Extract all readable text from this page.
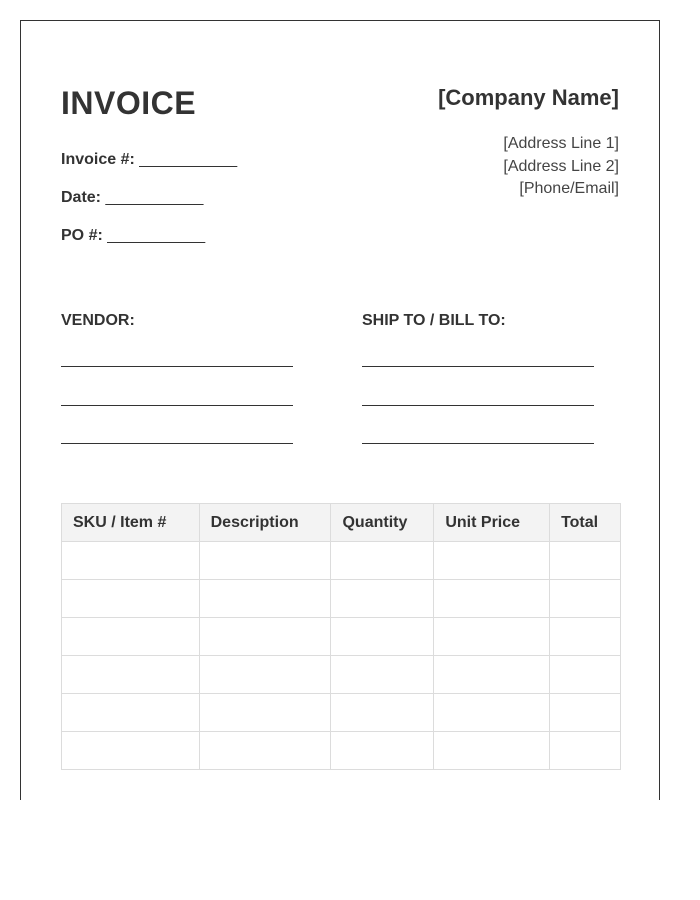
INVOICE	[Company Name]
[Address Line 1]
[Address Line 2]
[Phone/Email]
Invoice #: ___________
Date: ___________
PO #: ___________
VENDOR:	SHIP TO / BILL TO:
SKU / Item #	Description	Quantity	Unit Price	Total
